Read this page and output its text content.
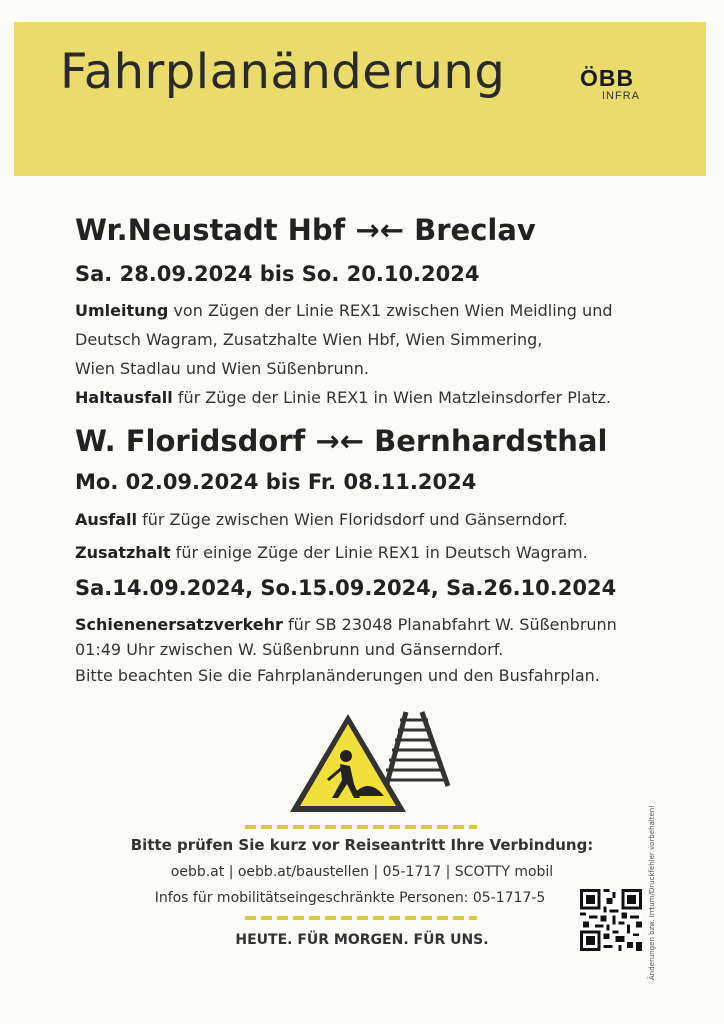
Fahrplanänderung	ÖBB
INFRA
Wr.Neustadt Hbf →← Breclav
Sa. 28.09.2024 bis So. 20.10.2024
Umleitung von Zügen der Linie REX1 zwischen Wien Meidling und
Deutsch Wagram, Zusatzhalte Wien Hbf, Wien Simmering,
Wien Stadlau und Wien Süßenbrunn.
Haltausfall für Züge der Linie REX1 in Wien Matzleinsdorfer Platz.
W. Floridsdorf →← Bernhardsthal
Mo. 02.09.2024 bis Fr. 08.11.2024
Ausfall für Züge zwischen Wien Floridsdorf und Gänserndorf.
Zusatzhalt für einige Züge der Linie REX1 in Deutsch Wagram.
Sa.14.09.2024, So.15.09.2024, Sa.26.10.2024
Schienenersatzverkehr für SB 23048 Planabfahrt W. Süßenbrunn
01:49 Uhr zwischen W. Süßenbrunn und Gänserndorf.
Bitte beachten Sie die Fahrplanänderungen und den Busfahrplan.
Bitte prüfen Sie kurz vor Reiseantritt Ihre Verbindung:
oebb.at | oebb.at/baustellen | 05-1717 | SCOTTY mobil
Infos für mobilitätseingeschränkte Personen: 05-1717-5
HEUTE. FÜR MORGEN. FÜR UNS.	Änderungen bzw. Irrtum/Druckfehler vorbehalten!
